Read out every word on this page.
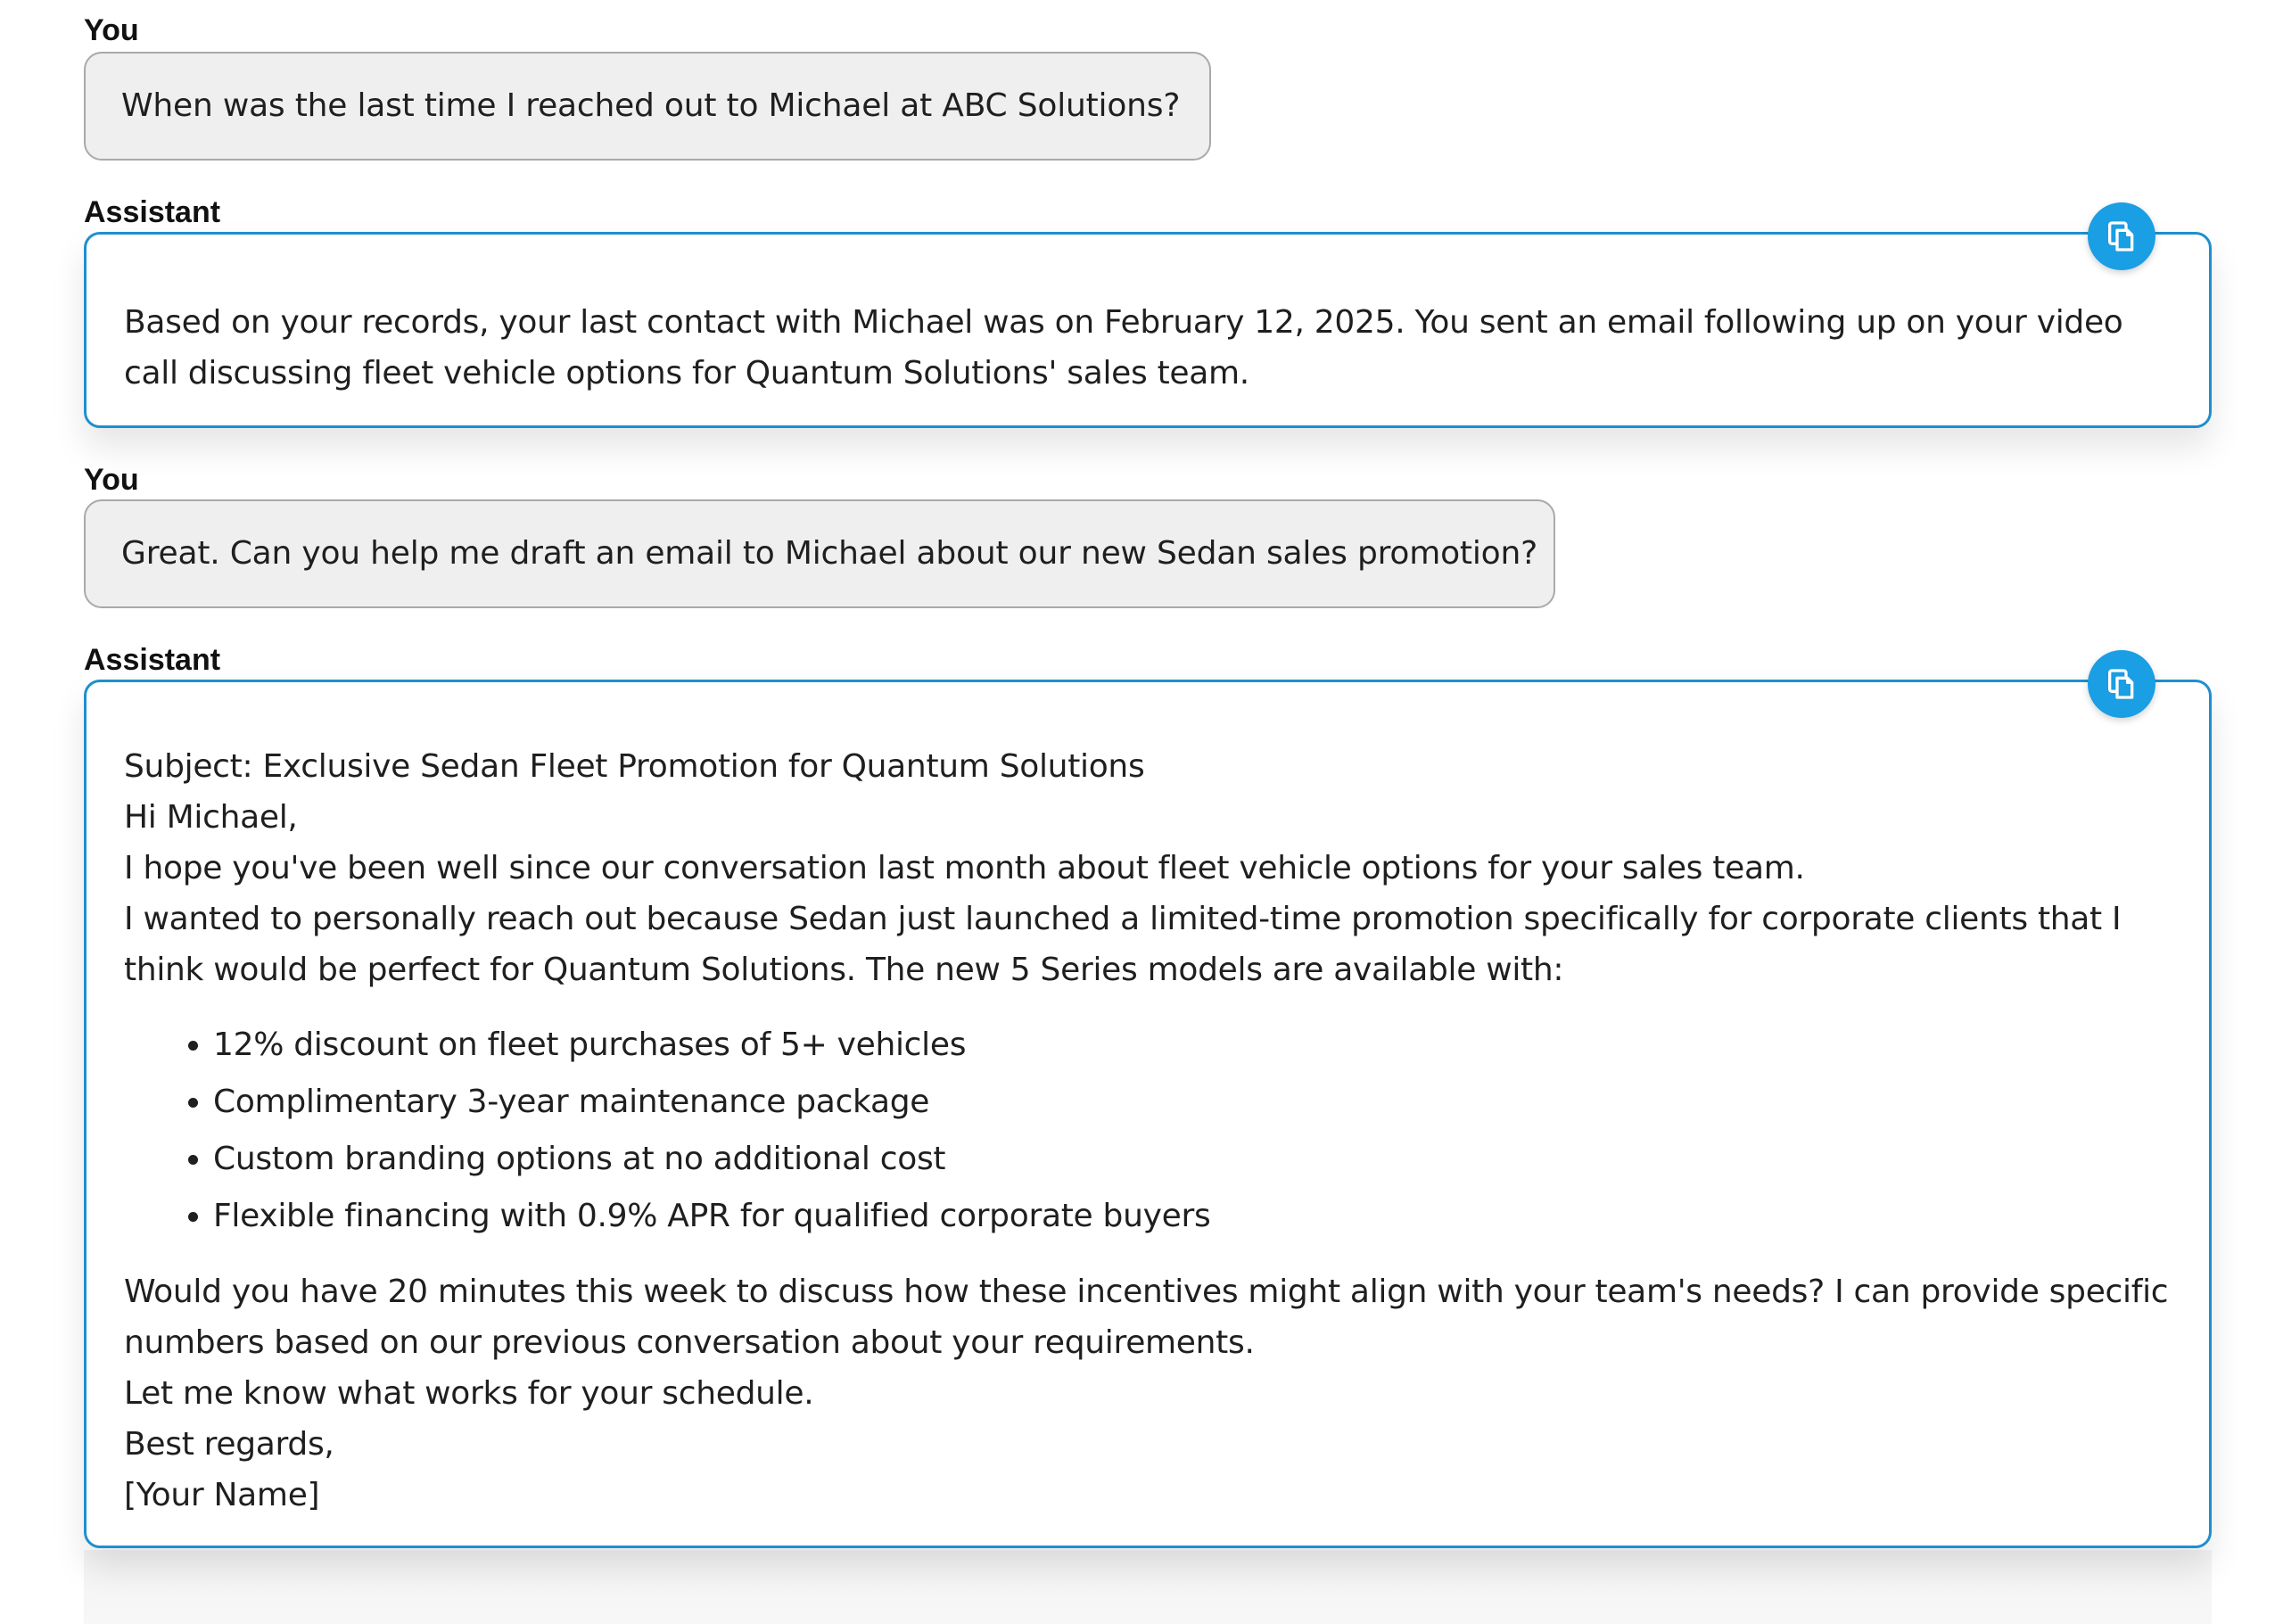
You
When was the last time I reached out to Michael at ABC Solutions?
Assistant

Based on your records, your last contact with Michael was on February 12, 2025. You sent an email following up on your video call discussing fleet vehicle options for Quantum Solutions' sales team.

You
Great. Can you help me draft an email to Michael about our new Sedan sales promotion?
Assistant

Subject: Exclusive Sedan Fleet Promotion for Quantum Solutions

Hi Michael,

I hope you've been well since our conversation last month about fleet vehicle options for your sales team.

I wanted to personally reach out because Sedan just launched a limited-time promotion specifically for corporate clients that I think would be perfect for Quantum Solutions. The new 5 Series models are available with:

• 12% discount on fleet purchases of 5+ vehicles
• Complimentary 3-year maintenance package
• Custom branding options at no additional cost
• Flexible financing with 0.9% APR for qualified corporate buyers

Would you have 20 minutes this week to discuss how these incentives might align with your team's needs? I can provide specific numbers based on our previous conversation about your requirements.

Let me know what works for your schedule.

Best regards,

[Your Name]
